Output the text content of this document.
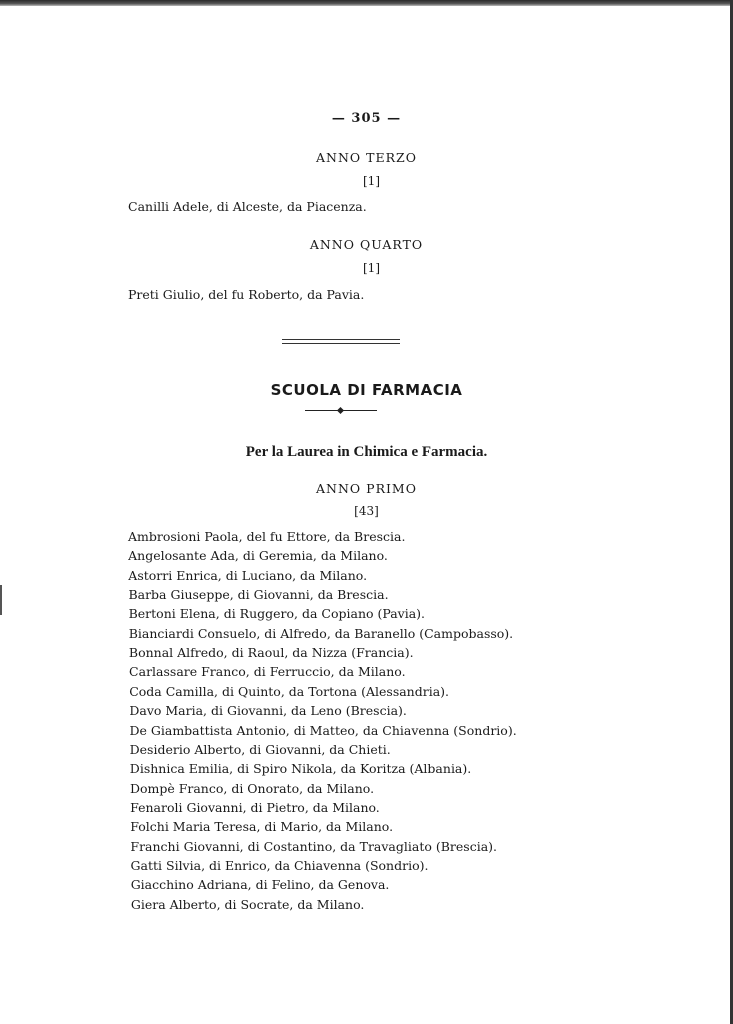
— 305 —
ANNO TERZO
[1]
Canilli Adele, di Alceste, da Piacenza.
ANNO QUARTO
[1]
Preti Giulio, del fu Roberto, da Pavia.
SCUOLA DI FARMACIA
Per la Laurea in Chimica e Farmacia.
ANNO PRIMO
[43]
Ambrosioni Paola, del fu Ettore, da Brescia.
Angelosante Ada, di Geremia, da Milano.
Astorri Enrica, di Luciano, da Milano.
Barba Giuseppe, di Giovanni, da Brescia.
Bertoni Elena, di Ruggero, da Copiano (Pavia).
Bianciardi Consuelo, di Alfredo, da Baranello (Campobasso).
Bonnal Alfredo, di Raoul, da Nizza (Francia).
Carlassare Franco, di Ferruccio, da Milano.
Coda Camilla, di Quinto, da Tortona (Alessandria).
Davo Maria, di Giovanni, da Leno (Brescia).
De Giambattista Antonio, di Matteo, da Chiavenna (Sondrio).
Desiderio Alberto, di Giovanni, da Chieti.
Dishnica Emilia, di Spiro Nikola, da Koritza (Albania).
Dompè Franco, di Onorato, da Milano.
Fenaroli Giovanni, di Pietro, da Milano.
Folchi Maria Teresa, di Mario, da Milano.
Franchi Giovanni, di Costantino, da Travagliato (Brescia).
Gatti Silvia, di Enrico, da Chiavenna (Sondrio).
Giacchino Adriana, di Felino, da Genova.
Giera Alberto, di Socrate, da Milano.
